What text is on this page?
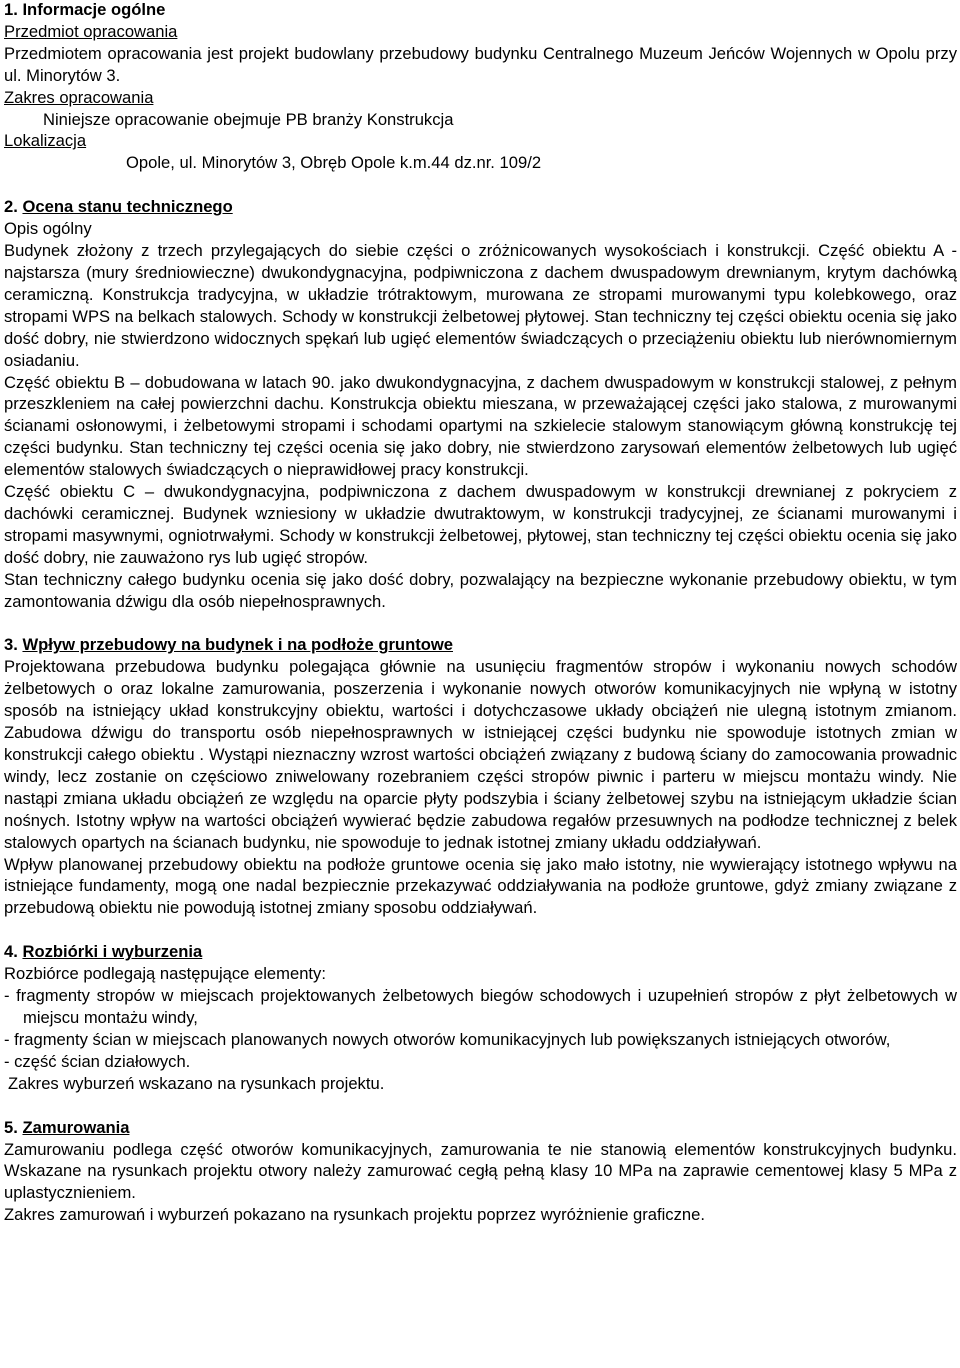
1. Informacje ogólne

Przedmiot opracowania

Przedmiotem opracowania jest projekt budowlany przebudowy budynku Centralnego Muzeum Jeńców Wojennych w Opolu przy ul. Minorytów 3.

Zakres opracowania

Niniejsze opracowanie obejmuje PB branży Konstrukcja

Lokalizacja

Opole, ul. Minorytów 3, Obręb Opole k.m.44 dz.nr. 109/2

2. Ocena stanu technicznego

Opis ogólny

Budynek złożony z trzech przylegających do siebie części o zróżnicowanych wysokościach i konstrukcji. Część obiektu A - najstarsza (mury średniowieczne) dwukondygnacyjna, podpiwniczona z dachem dwuspadowym drewnianym, krytym dachówką ceramiczną. Konstrukcja tradycyjna, w układzie trótraktowym, murowana ze stropami murowanymi typu kolebkowego, oraz stropami WPS na belkach stalowych. Schody w konstrukcji żelbetowej płytowej. Stan techniczny tej części obiektu ocenia się jako dość dobry, nie stwierdzono widocznych spękań lub ugięć elementów świadczących o przeciążeniu obiektu lub nierównomiernym osiadaniu.

Część obiektu B – dobudowana w latach 90. jako dwukondygnacyjna, z dachem dwuspadowym w konstrukcji stalowej, z pełnym przeszkleniem na całej powierzchni dachu. Konstrukcja obiektu mieszana, w przeważającej części jako stalowa, z murowanymi ścianami osłonowymi, i żelbetowymi stropami i schodami opartymi na szkielecie stalowym stanowiącym główną konstrukcję tej części budynku. Stan techniczny tej części ocenia się jako dobry, nie stwierdzono zarysowań elementów żelbetowych lub ugięć elementów stalowych świadczących o nieprawidłowej pracy konstrukcji.

Część obiektu C – dwukondygnacyjna, podpiwniczona z dachem dwuspadowym w konstrukcji drewnianej z pokryciem z dachówki ceramicznej. Budynek wzniesiony w układzie dwutraktowym, w konstrukcji tradycyjnej, ze ścianami murowanymi i stropami masywnymi, ogniotrwałymi. Schody w konstrukcji żelbetowej, płytowej, stan techniczny tej części obiektu ocenia się jako dość dobry, nie zauważono rys lub ugięć stropów.

Stan techniczny całego budynku ocenia się jako dość dobry, pozwalający na bezpieczne wykonanie przebudowy obiektu, w tym zamontowania dźwigu dla osób niepełnosprawnych.

3. Wpływ przebudowy na budynek i na podłoże gruntowe

Projektowana przebudowa budynku polegająca głównie na usunięciu fragmentów stropów i wykonaniu nowych schodów żelbetowych o oraz lokalne zamurowania, poszerzenia i wykonanie nowych otworów komunikacyjnych nie wpłyną w istotny sposób na istniejący układ konstrukcyjny obiektu, wartości i dotychczasowe układy obciążeń nie ulegną istotnym zmianom. Zabudowa dźwigu do transportu osób niepełnosprawnych w istniejącej części budynku nie spowoduje istotnych zmian w konstrukcji całego obiektu . Wystąpi nieznaczny wzrost wartości obciążeń związany z budową ściany do zamocowania prowadnic windy, lecz zostanie on częściowo zniwelowany rozebraniem części stropów piwnic i parteru w miejscu montażu windy. Nie nastąpi zmiana układu obciążeń ze względu na oparcie płyty podszybia i ściany żelbetowej szybu na istniejącym układzie ścian nośnych. Istotny wpływ na wartości obciążeń wywierać będzie zabudowa regałów przesuwnych na podłodze technicznej z belek stalowych opartych na ścianach budynku, nie spowoduje to jednak istotnej zmiany układu oddziaływań.

Wpływ planowanej przebudowy obiektu na podłoże gruntowe ocenia się jako mało istotny, nie wywierający istotnego wpływu na istniejące fundamenty, mogą one nadal bezpiecznie przekazywać oddziaływania na podłoże gruntowe, gdyż zmiany związane z przebudową obiektu nie powodują istotnej zmiany sposobu oddziaływań.

4. Rozbiórki i wyburzenia

Rozbiórce podlegają następujące elementy:

- fragmenty stropów w miejscach projektowanych żelbetowych biegów schodowych i uzupełnień stropów z płyt żelbetowych w miejscu montażu windy,

- fragmenty ścian w miejscach planowanych nowych otworów komunikacyjnych lub powiększanych istniejących otworów,

- część ścian działowych.

Zakres wyburzeń wskazano na rysunkach projektu.

5. Zamurowania

Zamurowaniu podlega część otworów komunikacyjnych, zamurowania te nie stanowią elementów konstrukcyjnych budynku. Wskazane na rysunkach projektu otwory należy zamurować cegłą pełną klasy 10 MPa na zaprawie cementowej klasy 5 MPa z uplastycznieniem.

Zakres zamurowań i wyburzeń pokazano na rysunkach projektu poprzez wyróżnienie graficzne.
